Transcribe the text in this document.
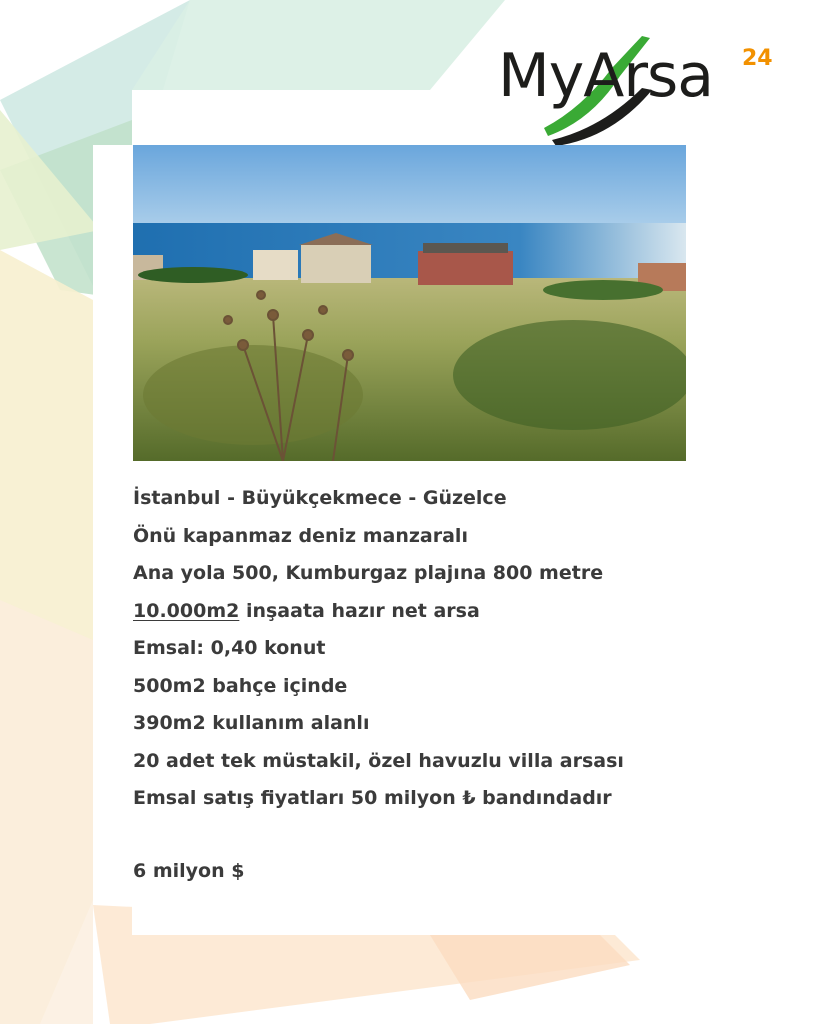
MyArsa 24
İstanbul - Büyükçekmece - Güzelce
Önü kapanmaz deniz manzaralı
Ana yola 500, Kumburgaz plajına 800 metre
10.000m2 inşaata hazır net arsa
Emsal: 0,40 konut
500m2 bahçe içinde
390m2 kullanım alanlı
20 adet tek müstakil, özel havuzlu villa arsası
Emsal satış fiyatları 50 milyon ₺ bandındadır
6 milyon $
